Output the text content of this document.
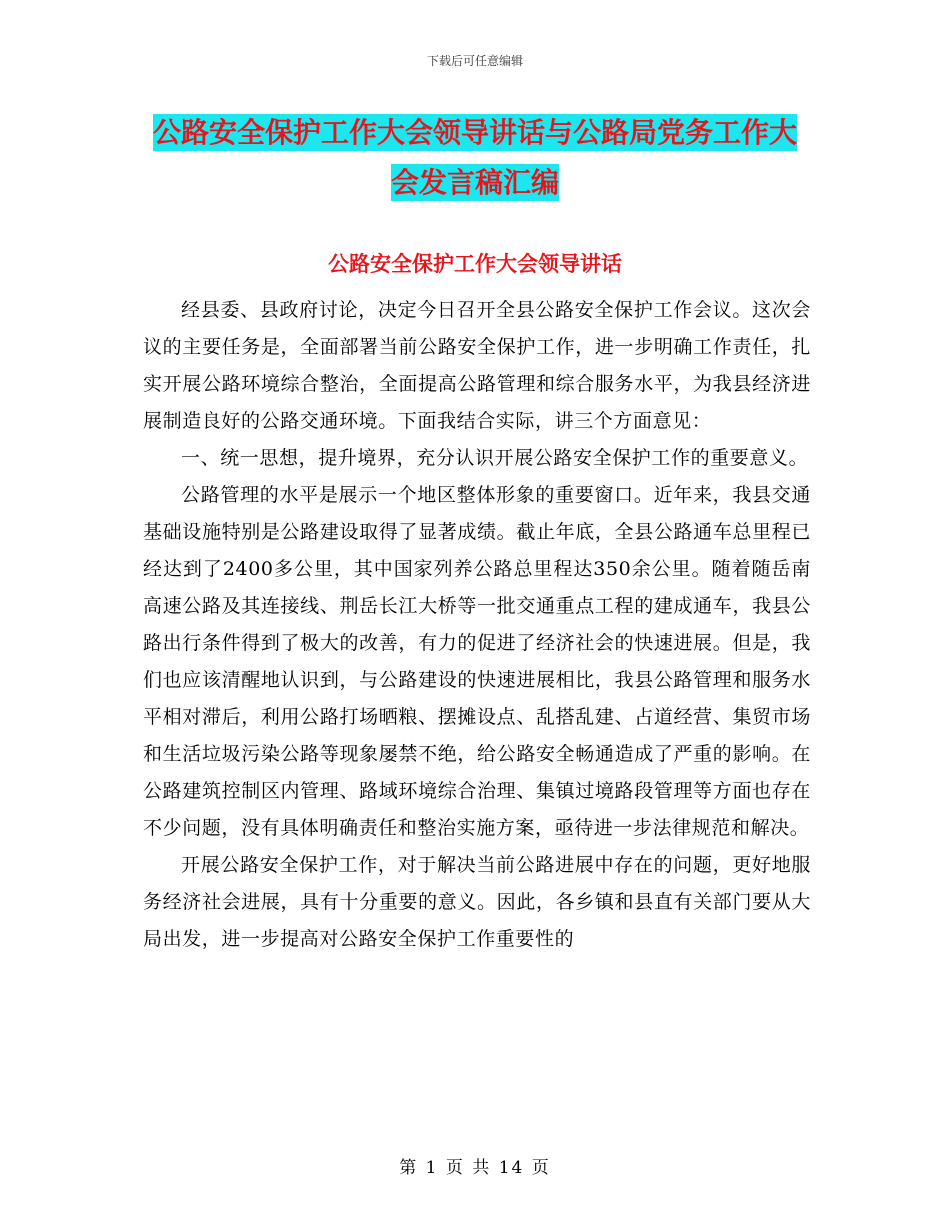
下载后可任意编辑
公路安全保护工作大会领导讲话与公路局党务工作大会发言稿汇编
公路安全保护工作大会领导讲话

经县委、县政府讨论，决定今日召开全县公路安全保护工作会议。这次会议的主要任务是，全面部署当前公路安全保护工作，进一步明确工作责任，扎实开展公路环境综合整治，全面提高公路管理和综合服务水平，为我县经济进展制造良好的公路交通环境。下面我结合实际，讲三个方面意见：

一、统一思想，提升境界，充分认识开展公路安全保护工作的重要意义。

公路管理的水平是展示一个地区整体形象的重要窗口。近年来，我县交通基础设施特别是公路建设取得了显著成绩。截止年底，全县公路通车总里程已经达到了2400多公里，其中国家列养公路总里程达350余公里。随着随岳南高速公路及其连接线、荆岳长江大桥等一批交通重点工程的建成通车，我县公路出行条件得到了极大的改善，有力的促进了经济社会的快速进展。但是，我们也应该清醒地认识到，与公路建设的快速进展相比，我县公路管理和服务水平相对滞后，利用公路打场晒粮、摆摊设点、乱搭乱建、占道经营、集贸市场和生活垃圾污染公路等现象屡禁不绝，给公路安全畅通造成了严重的影响。在公路建筑控制区内管理、路域环境综合治理、集镇过境路段管理等方面也存在不少问题，没有具体明确责任和整治实施方案，亟待进一步法律规范和解决。

开展公路安全保护工作，对于解决当前公路进展中存在的问题，更好地服务经济社会进展，具有十分重要的意义。因此，各乡镇和县直有关部门要从大局出发，进一步提高对公路安全保护工作重要性的

第 1 页 共 14 页
